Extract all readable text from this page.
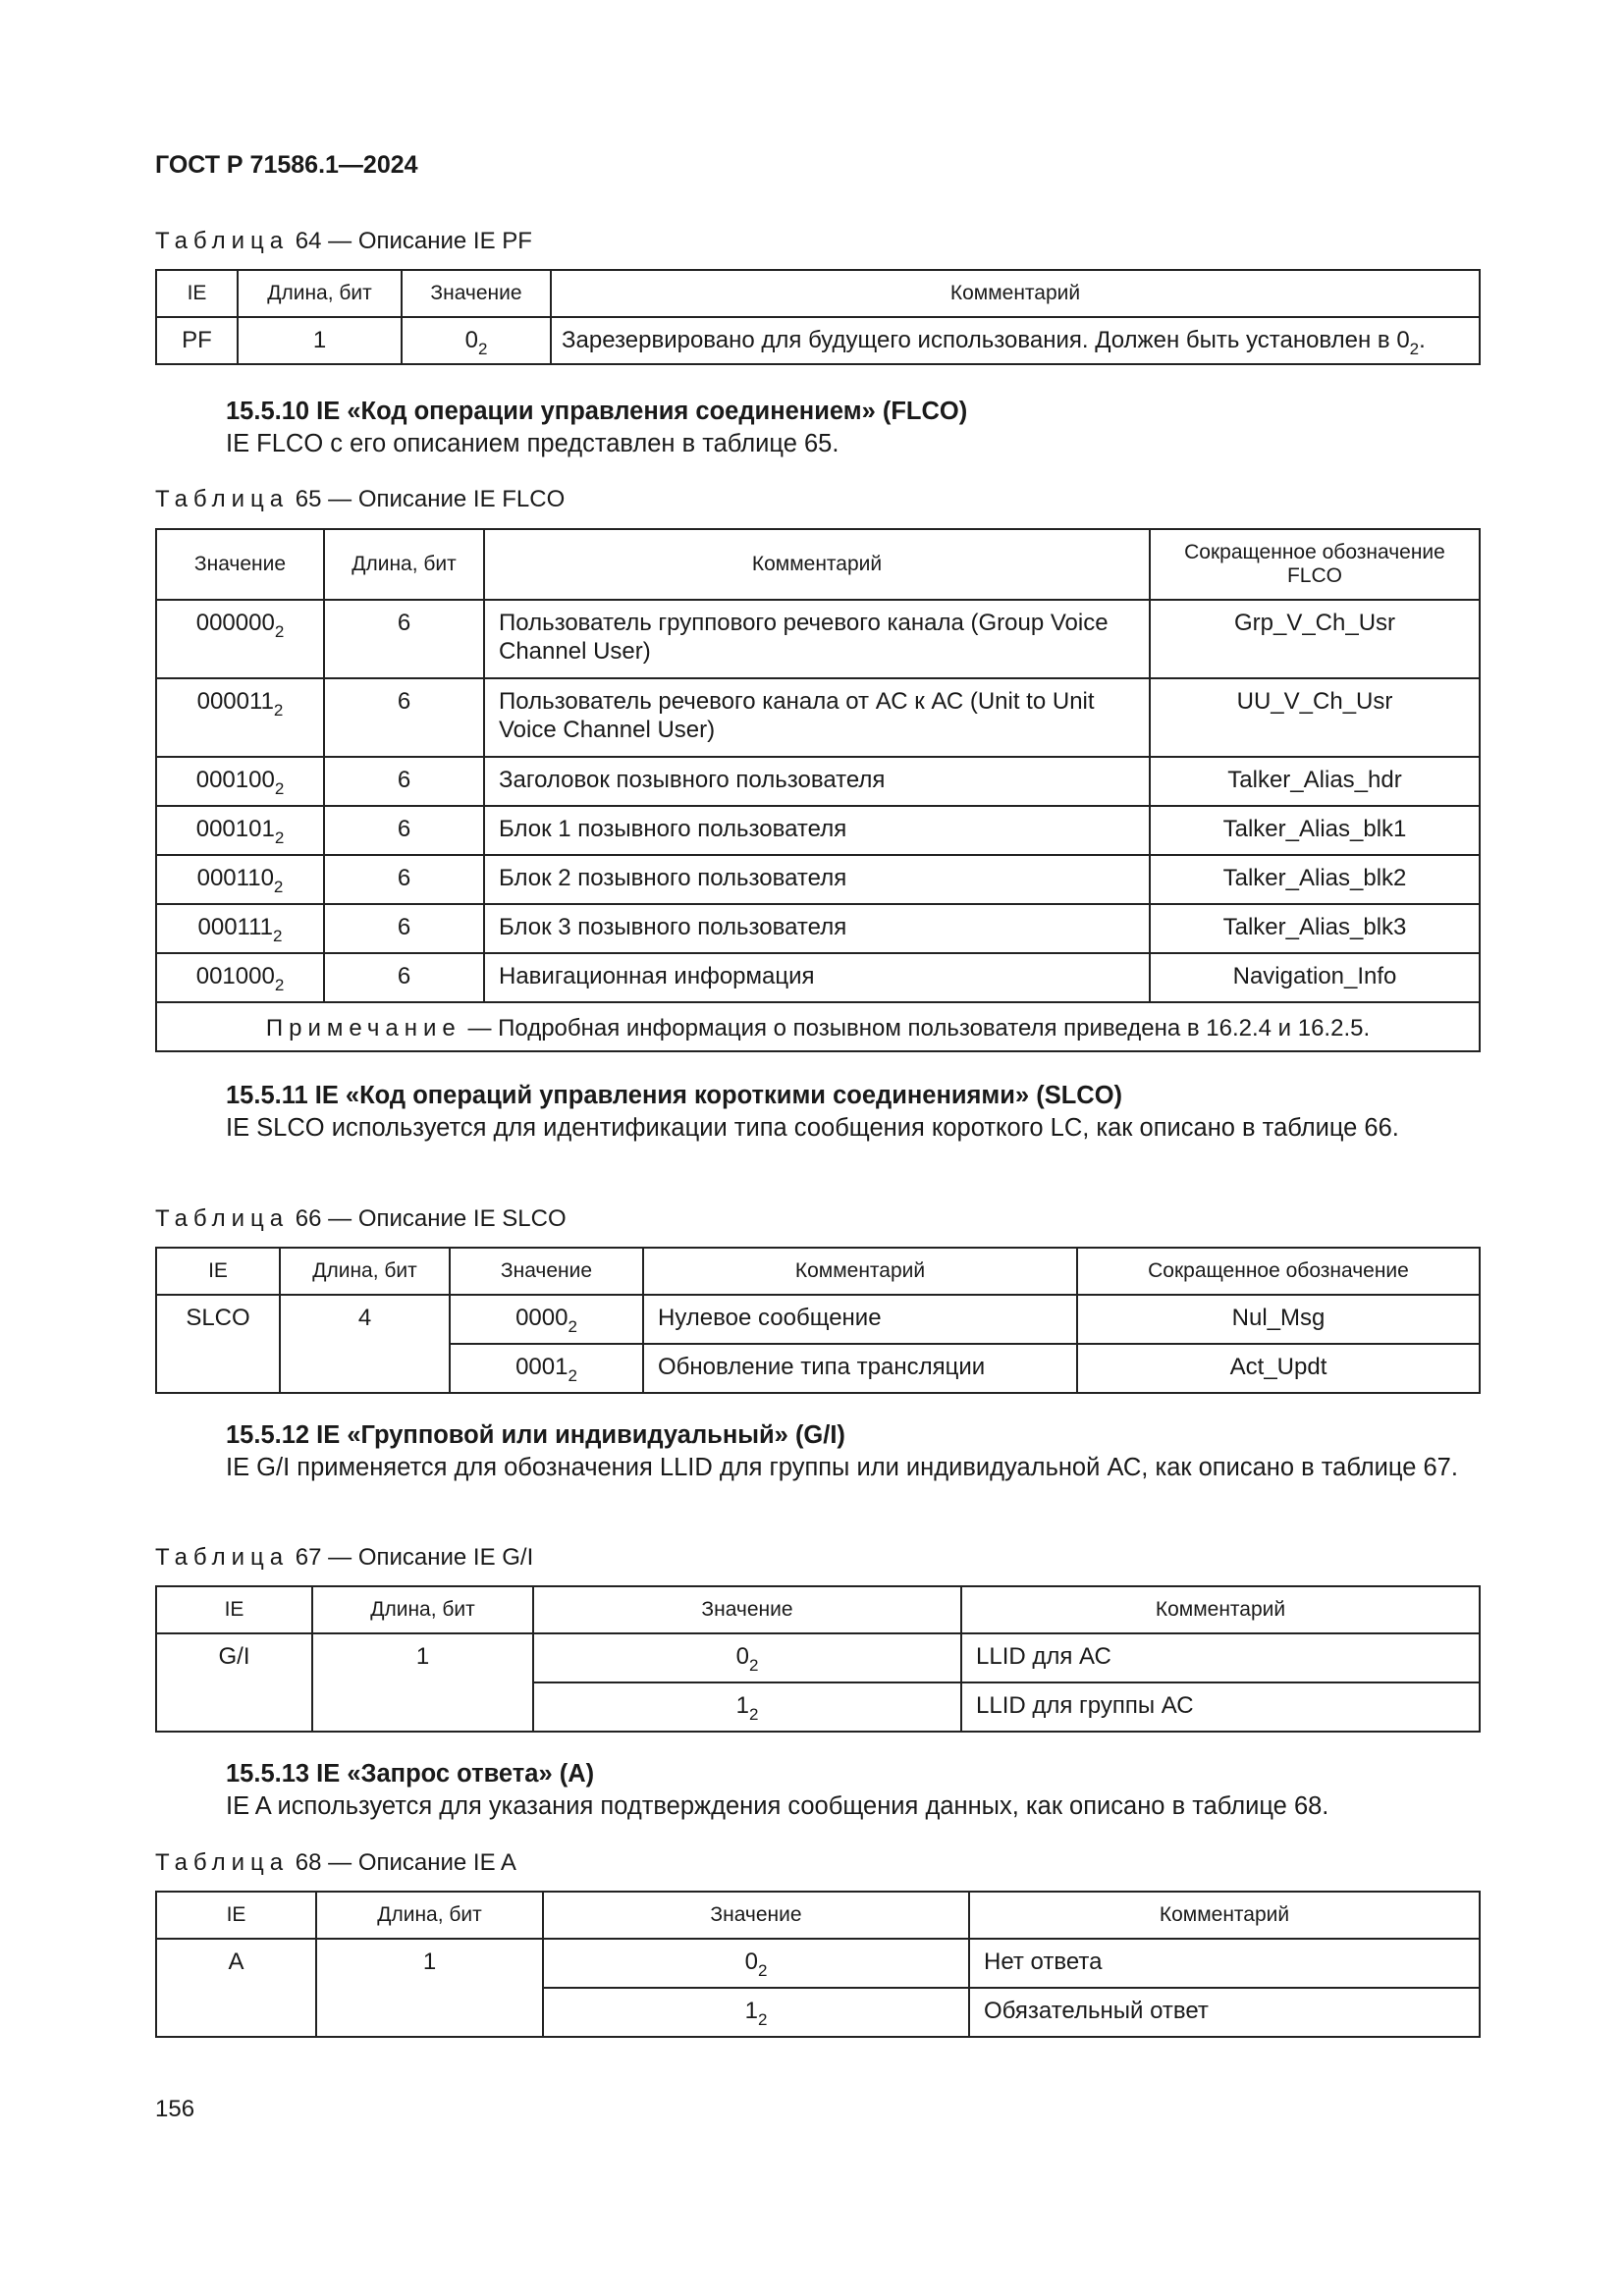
ГОСТ Р 71586.1—2024
Таблица 64 — Описание IE PF
IE	Длина, бит	Значение	Комментарий
PF	1	$0_2$	Зарезервировано для будущего использования. Должен быть установлен в $0_2$.
15.5.10 IE «Код операции управления соединением» (FLCO)
IE FLCO с его описанием представлен в таблице 65.
Таблица 65 — Описание IE FLCO
Значение	Длина, бит	Комментарий	Сокращенное обозначение FLCO
$000000_2$	6	Пользователь группового речевого канала (Group Voice Channel User)	Grp_V_Ch_Usr
$000011_2$	6	Пользователь речевого канала от АС к АС (Unit to Unit Voice Channel User)	UU_V_Ch_Usr
$000100_2$	6	Заголовок позывного пользователя	Talker_Alias_hdr
$000101_2$	6	Блок 1 позывного пользователя	Talker_Alias_blk1
$000110_2$	6	Блок 2 позывного пользователя	Talker_Alias_blk2
$000111_2$	6	Блок 3 позывного пользователя	Talker_Alias_blk3
$001000_2$	6	Навигационная информация	Navigation_Info
Примечание — Подробная информация о позывном пользователя приведена в 16.2.4 и 16.2.5.			
15.5.11 IE «Код операций управления короткими соединениями» (SLCO)
IE SLCO используется для идентификации типа сообщения короткого LC, как описано в таблице 66.
Таблица 66 — Описание IE SLCO
IE	Длина, бит	Значение	Комментарий	Сокращенное обозначение
SLCO	4	$0000_2$	Нулевое сообщение	Nul_Msg
		$0001_2$	Обновление типа трансляции	Act_Updt
15.5.12 IE «Групповой или индивидуальный» (G/I)
IE G/I применяется для обозначения LLID для группы или индивидуальной АС, как описано в таблице 67.
Таблица 67 — Описание IE G/I
IE	Длина, бит	Значение	Комментарий
G/I	1	$0_2$	LLID для АС
		$1_2$	LLID для группы АС
15.5.13 IE «Запрос ответа» (A)
IE A используется для указания подтверждения сообщения данных, как описано в таблице 68.
Таблица 68 — Описание IE A
IE	Длина, бит	Значение	Комментарий
A	1	$0_2$	Нет ответа
		$1_2$	Обязательный ответ
156
